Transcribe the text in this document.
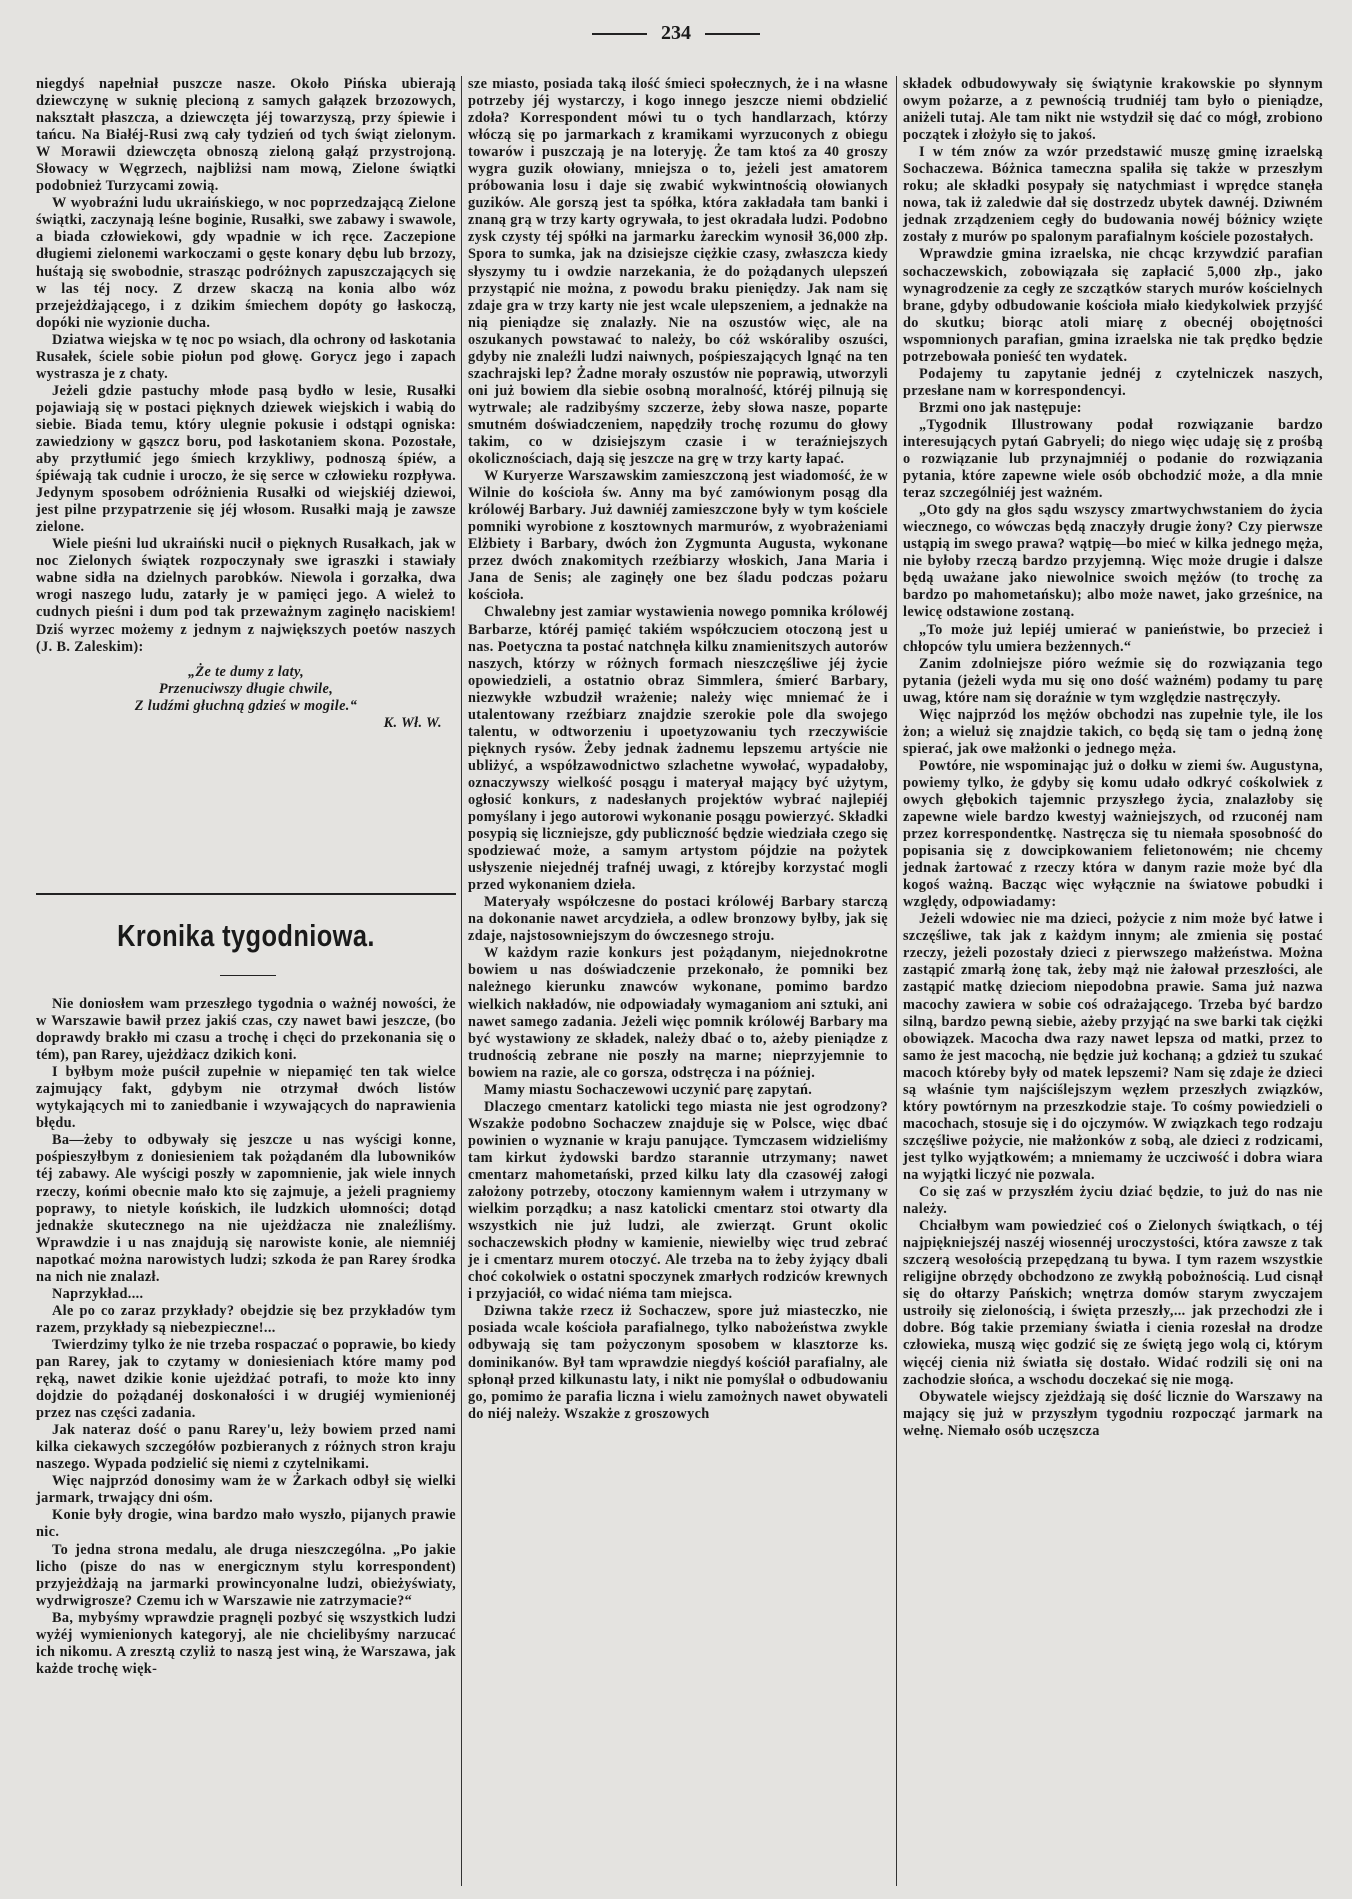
234

niegdyś napełniał puszcze nasze. Około Pińska ubierają dziewczynę w suknię plecioną z samych gałązek brzozowych, nakształt płaszcza, a dziewczęta jéj towarzyszą, przy śpiewie i tańcu. Na Białéj-Rusi zwą cały tydzień od tych świąt zielonym. W Morawii dziewczęta obnoszą zieloną gałąź przystrojoną. Słowacy w Węgrzech, najbliżsi nam mową, Zielone świątki podobnież Turzycami zowią.

W wyobraźni ludu ukraińskiego, w noc poprzedzającą Zielone świątki, zaczynają leśne boginie, Rusałki, swe zabawy i swawole, a biada człowiekowi, gdy wpadnie w ich ręce. Zaczepione długiemi zielonemi warkoczami o gęste konary dębu lub brzozy, huśtają się swobodnie, strasząc podróżnych zapuszczających się w las téj nocy. Z drzew skaczą na konia albo wóz przejeżdżającego, i z dzikim śmiechem dopóty go łaskoczą, dopóki nie wyzionie ducha.

Dziatwa wiejska w tę noc po wsiach, dla ochrony od łaskotania Rusałek, ściele sobie piołun pod głowę. Gorycz jego i zapach wystrasza je z chaty.

Jeżeli gdzie pastuchy młode pasą bydło w lesie, Rusałki pojawiają się w postaci pięknych dziewek wiejskich i wabią do siebie. Biada temu, który ulegnie pokusie i odstąpi ogniska: zawiedziony w gąszcz boru, pod łaskotaniem skona. Pozostałe, aby przytłumić jego śmiech krzykliwy, podnoszą śpiéw, a śpiéwają tak cudnie i uroczo, że się serce w człowieku rozpływa. Jedynym sposobem odróżnienia Rusałki od wiejskiéj dziewoi, jest pilne przypatrzenie się jéj włosom. Rusałki mają je zawsze zielone.

Wiele pieśni lud ukraiński nucił o pięknych Rusałkach, jak w noc Zielonych świątek rozpoczynały swe igraszki i stawiały wabne sidła na dzielnych parobków. Niewola i gorzałka, dwa wrogi naszego ludu, zatarły je w pamięci jego. A wieleż to cudnych pieśni i dum pod tak przeważnym zaginęło naciskiem! Dziś wyrzec możemy z jednym z największych poetów naszych (J. B. Zaleskim):

„Że te dumy z laty,
Przenuciwszy długie chwile,
Z ludźmi głuchną gdzieś w mogile.“
K. Wł. W.
Kronika tygodniowa.

Nie doniosłem wam przeszłego tygodnia o ważnéj nowości, że w Warszawie bawił przez jakiś czas, czy nawet bawi jeszcze, (bo doprawdy brakło mi czasu a trochę i chęci do przekonania się o tém), pan Rarey, ujeżdżacz dzikich koni.

I byłbym może puścił zupełnie w niepamięć ten tak wielce zajmujący fakt, gdybym nie otrzymał dwóch listów wytykających mi to zaniedbanie i wzywających do naprawienia błędu.

Ba—żeby to odbywały się jeszcze u nas wyścigi konne, pośpieszyłbym z doniesieniem tak pożądaném dla lubowników téj zabawy. Ale wyścigi poszły w zapomnienie, jak wiele innych rzeczy, końmi obecnie mało kto się zajmuje, a jeżeli pragniemy poprawy, to nietyle końskich, ile ludzkich ułomności; dotąd jednakże skutecznego na nie ujeżdżacza nie znaleźliśmy. Wprawdzie i u nas znajdują się narowiste konie, ale niemniéj napotkać można narowistych ludzi; szkoda że pan Rarey środka na nich nie znalazł.

Naprzykład....

Ale po co zaraz przykłady? obejdzie się bez przykładów tym razem, przykłady są niebezpieczne!...

Twierdzimy tylko że nie trzeba rospaczać o poprawie, bo kiedy pan Rarey, jak to czytamy w doniesieniach które mamy pod ręką, nawet dzikie konie ujeżdżać potrafi, to może kto inny dojdzie do pożądanéj doskonałości i w drugiéj wymienionéj przez nas części zadania.

Jak nateraz dość o panu Rarey'u, leży bowiem przed nami kilka ciekawych szczegółów pozbieranych z różnych stron kraju naszego. Wypada podzielić się niemi z czytelnikami.

Więc najprzód donosimy wam że w Żarkach odbył się wielki jarmark, trwający dni ośm.

Konie były drogie, wina bardzo mało wyszło, pijanych prawie nic.

To jedna strona medalu, ale druga nieszczególna. „Po jakie licho (pisze do nas w energicznym stylu korrespondent) przyjeżdżają na jarmarki prowincyonalne ludzi, obieżyświaty, wydrwigrosze? Czemu ich w Warszawie nie zatrzymacie?“

Ba, mybyśmy wprawdzie pragnęli pozbyć się wszystkich ludzi wyżéj wymienionych kategoryj, ale nie chcielibyśmy narzucać ich nikomu. A zresztą czyliż to naszą jest winą, że Warszawa, jak każde trochę więk-

sze miasto, posiada taką ilość śmieci społecznych, że i na własne potrzeby jéj wystarczy, i kogo innego jeszcze niemi obdzielić zdoła? Korrespondent mówi tu o tych handlarzach, którzy włóczą się po jarmarkach z kramikami wyrzuconych z obiegu towarów i puszczają je na loteryję. Że tam ktoś za 40 groszy wygra guzik ołowiany, mniejsza o to, jeżeli jest amatorem próbowania losu i daje się zwabić wykwintnością ołowianych guzików. Ale gorszą jest ta spółka, która zakładała tam banki i znaną grą w trzy karty ogrywała, to jest okradała ludzi. Podobno zysk czysty téj spółki na jarmarku żareckim wynosił 36,000 złp. Spora to sumka, jak na dzisiejsze ciężkie czasy, zwłaszcza kiedy słyszymy tu i owdzie narzekania, że do pożądanych ulepszeń przystąpić nie można, z powodu braku pieniędzy. Jak nam się zdaje gra w trzy karty nie jest wcale ulepszeniem, a jednakże na nią pieniądze się znalazły. Nie na oszustów więc, ale na oszukanych powstawać to należy, bo cóż wskóraliby oszuści, gdyby nie znaleźli ludzi naiwnych, pośpieszających lgnąć na ten szachrajski lep? Żadne morały oszustów nie poprawią, utworzyli oni już bowiem dla siebie osobną moralność, któréj pilnują się wytrwale; ale radzibyśmy szczerze, żeby słowa nasze, poparte smutném doświadczeniem, napędziły trochę rozumu do głowy takim, co w dzisiejszym czasie i w teraźniejszych okolicznościach, dają się jeszcze na grę w trzy karty łapać.

W Kuryerze Warszawskim zamieszczoną jest wiadomość, że w Wilnie do kościoła św. Anny ma być zamówionym posąg dla królowéj Barbary. Już dawniéj zamieszczone były w tym kościele pomniki wyrobione z kosztownych marmurów, z wyobrażeniami Elżbiety i Barbary, dwóch żon Zygmunta Augusta, wykonane przez dwóch znakomitych rzeźbiarzy włoskich, Jana Maria i Jana de Senis; ale zaginęły one bez śladu podczas pożaru kościoła.

Chwalebny jest zamiar wystawienia nowego pomnika królowéj Barbarze, któréj pamięć takiém współczuciem otoczoną jest u nas. Poetyczna ta postać natchnęła kilku znamienitszych autorów naszych, którzy w różnych formach nieszczęśliwe jéj życie opowiedzieli, a ostatnio obraz Simmlera, śmierć Barbary, niezwykłe wzbudził wrażenie; należy więc mniemać że i utalentowany rzeźbiarz znajdzie szerokie pole dla swojego talentu, w odtworzeniu i upoetyzowaniu tych rzeczywiście pięknych rysów. Żeby jednak żadnemu lepszemu artyście nie ubliżyć, a współzawodnictwo szlachetne wywołać, wypadałoby, oznaczywszy wielkość posągu i materyał mający być użytym, ogłosić konkurs, z nadesłanych projektów wybrać najlepiéj pomyślany i jego autorowi wykonanie posągu powierzyć. Składki posypią się liczniejsze, gdy publiczność będzie wiedziała czego się spodziewać może, a samym artystom pójdzie na pożytek usłyszenie niejednéj trafnéj uwagi, z którejby korzystać mogli przed wykonaniem dzieła.

Materyały współczesne do postaci królowéj Barbary starczą na dokonanie nawet arcydzieła, a odlew bronzowy byłby, jak się zdaje, najstosowniejszym do ówczesnego stroju.

W każdym razie konkurs jest pożądanym, niejednokrotne bowiem u nas doświadczenie przekonało, że pomniki bez należnego kierunku znawców wykonane, pomimo bardzo wielkich nakładów, nie odpowiadały wymaganiom ani sztuki, ani nawet samego zadania. Jeżeli więc pomnik królowéj Barbary ma być wystawiony ze składek, należy dbać o to, ażeby pieniądze z trudnością zebrane nie poszły na marne; nieprzyjemnie to bowiem na razie, ale co gorsza, odstręcza i na później.

Mamy miastu Sochaczewowi uczynić parę zapytań.

Dlaczego cmentarz katolicki tego miasta nie jest ogrodzony? Wszakże podobno Sochaczew znajduje się w Polsce, więc dbać powinien o wyznanie w kraju panujące. Tymczasem widzieliśmy tam kirkut żydowski bardzo starannie utrzymany; nawet cmentarz mahometański, przed kilku laty dla czasowéj załogi założony potrzeby, otoczony kamiennym wałem i utrzymany w wielkim porządku; a nasz katolicki cmentarz stoi otwarty dla wszystkich nie już ludzi, ale zwierząt. Grunt okolic sochaczewskich płodny w kamienie, niewielby więc trud zebrać je i cmentarz murem otoczyć. Ale trzeba na to żeby żyjący dbali choć cokolwiek o ostatni spoczynek zmarłych rodziców krewnych i przyjaciół, co widać niéma tam miejsca.

Dziwna także rzecz iż Sochaczew, spore już miasteczko, nie posiada wcale kościoła parafialnego, tylko nabożeństwa zwykle odbywają się tam pożyczonym sposobem w klasztorze ks. dominikanów. Był tam wprawdzie niegdyś kościół parafialny, ale spłonął przed kilkunastu laty, i nikt nie pomyślał o odbudowaniu go, pomimo że parafia liczna i wielu zamożnych nawet obywateli do niéj należy. Wszakże z groszowych

składek odbudowywały się świątynie krakowskie po słynnym owym pożarze, a z pewnością trudniéj tam było o pieniądze, aniżeli tutaj. Ale tam nikt nie wstydził się dać co mógł, zrobiono początek i złożyło się to jakoś.

I w tém znów za wzór przedstawić muszę gminę izraelską Sochaczewa. Bóżnica tameczna spaliła się także w przeszłym roku; ale składki posypały się natychmiast i wprędce stanęła nowa, tak iż zaledwie dał się dostrzedz ubytek dawnéj. Dziwném jednak zrządzeniem cegły do budowania nowéj bóżnicy wzięte zostały z murów po spalonym parafialnym kościele pozostałych.

Wprawdzie gmina izraelska, nie chcąc krzywdzić parafian sochaczewskich, zobowiązała się zapłacić 5,000 złp., jako wynagrodzenie za cegły ze szczątków starych murów kościelnych brane, gdyby odbudowanie kościoła miało kiedykolwiek przyjść do skutku; biorąc atoli miarę z obecnéj obojętności wspomnionych parafian, gmina izraelska nie tak prędko będzie potrzebowała ponieść ten wydatek.

Podajemy tu zapytanie jednéj z czytelniczek naszych, przesłane nam w korrespondencyi.

Brzmi ono jak następuje:

„Tygodnik Illustrowany podał rozwiązanie bardzo interesujących pytań Gabryeli; do niego więc udaję się z prośbą o rozwiązanie lub przynajmniéj o podanie do rozwiązania pytania, które zapewne wiele osób obchodzić może, a dla mnie teraz szczególniéj jest ważném.

„Oto gdy na głos sądu wszyscy zmartwychwstaniem do życia wiecznego, co wówczas będą znaczyły drugie żony? Czy pierwsze ustąpią im swego prawa? wątpię—bo mieć w kilka jednego męża, nie byłoby rzeczą bardzo przyjemną. Więc może drugie i dalsze będą uważane jako niewolnice swoich mężów (to trochę za bardzo po mahometańsku); albo może nawet, jako grześnice, na lewicę odstawione zostaną.

„To może już lepiéj umierać w panieństwie, bo przecież i chłopców tylu umiera bezżennych.“

Zanim zdolniejsze pióro weźmie się do rozwiązania tego pytania (jeżeli wyda mu się ono dość ważném) podamy tu parę uwag, które nam się doraźnie w tym względzie nastręczyły.

Więc najprzód los mężów obchodzi nas zupełnie tyle, ile los żon; a wieluż się znajdzie takich, co będą się tam o jedną żonę spierać, jak owe małżonki o jednego męża.

Powtóre, nie wspominając już o dołku w ziemi św. Augustyna, powiemy tylko, że gdyby się komu udało odkryć cośkolwiek z owych głębokich tajemnic przyszłego życia, znalazłoby się zapewne wiele bardzo kwestyj ważniejszych, od rzuconéj nam przez korrespondentkę. Nastręcza się tu niemała sposobność do popisania się z dowcipkowaniem felietonowém; nie chcemy jednak żartować z rzeczy która w danym razie może być dla kogoś ważną. Bacząc więc wyłącznie na światowe pobudki i względy, odpowiadamy:

Jeżeli wdowiec nie ma dzieci, pożycie z nim może być łatwe i szczęśliwe, tak jak z każdym innym; ale zmienia się postać rzeczy, jeżeli pozostały dzieci z pierwszego małżeństwa. Można zastąpić zmarłą żonę tak, żeby mąż nie żałował przeszłości, ale zastąpić matkę dzieciom niepodobna prawie. Sama już nazwa macochy zawiera w sobie coś odrażającego. Trzeba być bardzo silną, bardzo pewną siebie, ażeby przyjąć na swe barki tak ciężki obowiązek. Macocha dwa razy nawet lepsza od matki, przez to samo że jest macochą, nie będzie już kochaną; a gdzież tu szukać macoch któreby były od matek lepszemi? Nam się zdaje że dzieci są właśnie tym najściślejszym węzłem przeszłych związków, który powtórnym na przeszkodzie staje. To cośmy powiedzieli o macochach, stosuje się i do ojczymów. W związkach tego rodzaju szczęśliwe pożycie, nie małżonków z sobą, ale dzieci z rodzicami, jest tylko wyjątkowém; a mniemamy że uczciwość i dobra wiara na wyjątki liczyć nie pozwala.

Co się zaś w przyszłém życiu dziać będzie, to już do nas nie należy.

Chciałbym wam powiedzieć coś o Zielonych świątkach, o téj najpiękniejszéj naszéj wiosennéj uroczystości, która zawsze z tak szczerą wesołością przepędzaną tu bywa. I tym razem wszystkie religijne obrzędy obchodzono ze zwykłą pobożnością. Lud cisnął się do ołtarzy Pańskich; wnętrza domów starym zwyczajem ustroiły się zielonością, i święta przeszły,... jak przechodzi złe i dobre. Bóg takie przemiany światła i cienia rozesłał na drodze człowieka, muszą więc godzić się ze świętą jego wolą ci, którym więcéj cienia niż światła się dostało. Widać rodzili się oni na zachodzie słońca, a wschodu doczekać się nie mogą.

Obywatele wiejscy zjeżdżają się dość licznie do Warszawy na mający się już w przyszłym tygodniu rozpocząć jarmark na wełnę. Niemało osób uczęszcza
